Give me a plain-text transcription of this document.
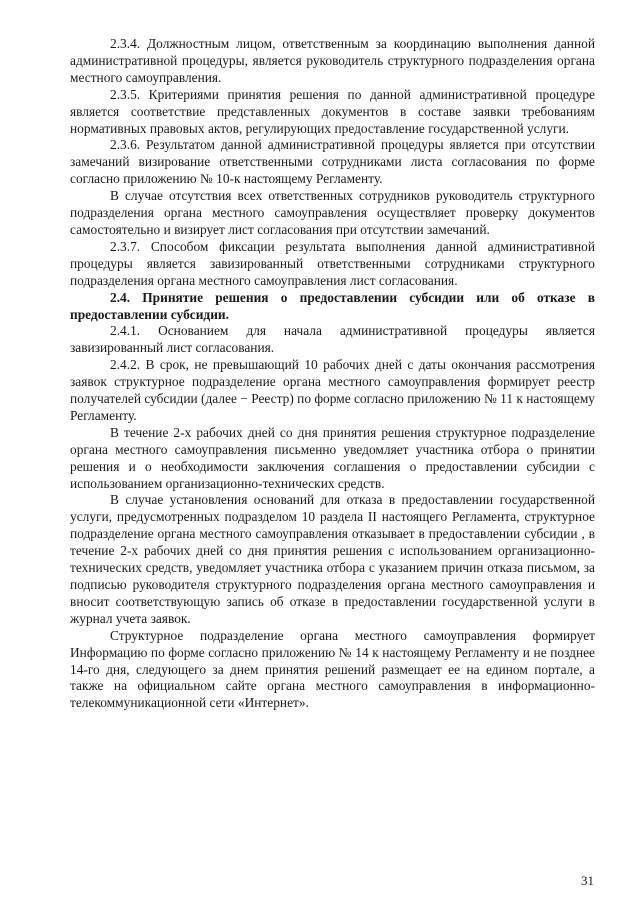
2.3.4. Должностным лицом, ответственным за координацию выполнения данной административной процедуры, является руководитель структурного подразделения органа местного самоуправления.

2.3.5. Критериями принятия решения по данной административной процедуре является соответствие представленных документов в составе заявки требованиям нормативных правовых актов, регулирующих предоставление государственной услуги.

2.3.6. Результатом данной административной процедуры является при отсутствии замечаний визирование ответственными сотрудниками листа согласования по форме согласно приложению № 10-к настоящему Регламенту.

В случае отсутствия всех ответственных сотрудников руководитель структурного подразделения органа местного самоуправления осуществляет проверку документов самостоятельно и визирует лист согласования при отсутствии замечаний.

2.3.7. Способом фиксации результата выполнения данной административной процедуры является завизированный ответственными сотрудниками структурного подразделения органа местного самоуправления лист согласования.

2.4. Принятие решения о предоставлении субсидии или об отказе в предоставлении субсидии.

2.4.1. Основанием для начала административной процедуры является завизированный лист согласования.

2.4.2. В срок, не превышающий 10 рабочих дней с даты окончания рассмотрения заявок структурное подразделение органа местного самоуправления формирует реестр получателей субсидии (далее − Реестр) по форме согласно приложению № 11 к настоящему Регламенту.

В течение 2-х рабочих дней со дня принятия решения структурное подразделение органа местного самоуправления письменно уведомляет участника отбора о принятии решения и о необходимости заключения соглашения о предоставлении субсидии с использованием организационно-технических средств.

В случае установления оснований для отказа в предоставлении государственной услуги, предусмотренных подразделом 10 раздела II настоящего Регламента, структурное подразделение органа местного самоуправления отказывает в предоставлении субсидии , в течение 2-х рабочих дней со дня принятия решения с использованием организационно-технических средств, уведомляет участника отбора с указанием причин отказа письмом, за подписью руководителя структурного подразделения органа местного самоуправления и вносит соответствующую запись об отказе в предоставлении государственной услуги в журнал учета заявок.

Структурное подразделение органа местного самоуправления формирует Информацию по форме согласно приложению № 14 к настоящему Регламенту и не позднее 14-го дня, следующего за днем принятия решений размещает ее на едином портале, а также на официальном сайте органа местного самоуправления в информационно-телекоммуникационной сети «Интернет».

31
